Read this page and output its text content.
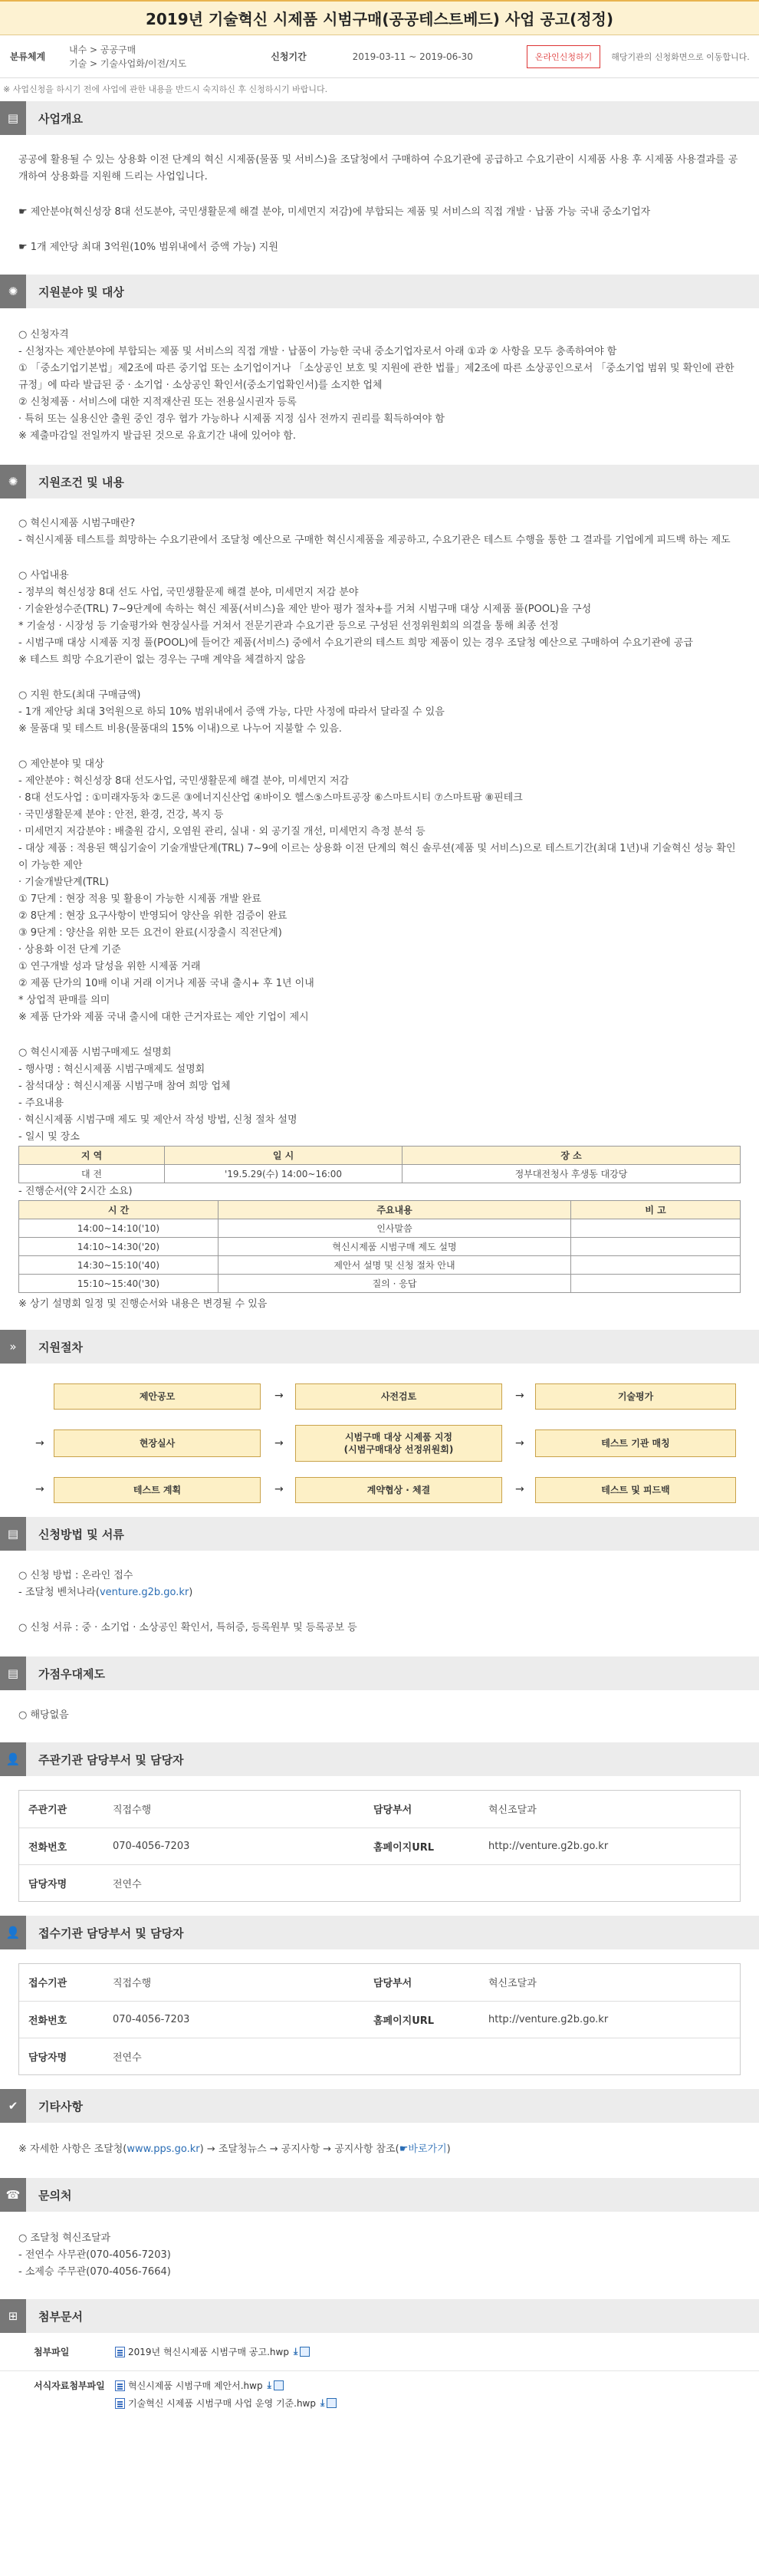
2019년 기술혁신 시제품 시범구매(공공테스트베드) 사업 공고(정정)
분류체계
내수 > 공공구매
기술 > 기술사업화/이전/지도
신청기간	2019-03-11 ~ 2019-06-30	온라인신청하기	해당기관의 신청화면으로 이동합니다.
※ 사업신청을 하시기 전에 사업에 관한 내용을 반드시 숙지하신 후 신청하시기 바랍니다.
▤	사업개요

공공에 활용될 수 있는 상용화 이전 단계의 혁신 시제품(물품 및 서비스)을 조달청에서 구매하여 수요기관에 공급하고 수요기관이 시제품 사용 후 시제품 사용결과를 공개하여 상용화를 지원해 드리는 사업입니다.

☛ 제안분야(혁신성장 8대 선도분야, 국민생활문제 해결 분야, 미세먼지 저감)에 부합되는 제품 및 서비스의 직접 개발 · 납품 가능 국내 중소기업자

☛ 1개 제안당 최대 3억원(10% 범위내에서 증액 가능) 지원

✺	지원분야 및 대상

○ 신청자격

- 신청자는 제안분야에 부합되는 제품 및 서비스의 직접 개발 · 납품이 가능한 국내 중소기업자로서 아래 ①과 ② 사항을 모두 충족하여야 함

① 「중소기업기본법」제2조에 따른 중기업 또는 소기업이거나 「소상공인 보호 및 지원에 관한 법률」제2조에 따른 소상공인으로서 「중소기업 범위 및 확인에 관한 규정」에 따라 발급된 중 · 소기업 · 소상공인 확인서(중소기업확인서)를 소지한 업체

② 신청제품 · 서비스에 대한 지적재산권 또는 전용실시권자 등록

· 특허 또는 실용신안 출원 중인 경우 협가 가능하나 시제품 지정 심사 전까지 권리를 획득하여야 함

※ 제출마감일 전일까지 발급된 것으로 유효기간 내에 있어야 함.

✺	지원조건 및 내용

○ 혁신시제품 시범구매란?

- 혁신시제품 테스트를 희망하는 수요기관에서 조달청 예산으로 구매한 혁신시제품을 제공하고, 수요기관은 테스트 수행을 통한 그 결과를 기업에게 피드백 하는 제도

○ 사업내용

- 정부의 혁신성장 8대 선도 사업, 국민생활문제 해결 분야, 미세먼지 저감 분야

· 기술완성수준(TRL) 7~9단계에 속하는 혁신 제품(서비스)을 제안 받아 평가 절차+를 거쳐 시범구매 대상 시제품 풀(POOL)을 구성

* 기술성 · 시장성 등 기술평가와 현장실사를 거쳐서 전문기관과 수요기관 등으로 구성된 선정위원회의 의결을 통해 최종 선정

- 시범구매 대상 시제품 지정 풀(POOL)에 들어간 제품(서비스) 중에서 수요기관의 테스트 희망 제품이 있는 경우 조달청 예산으로 구매하여 수요기관에 공급

※ 테스트 희망 수요기관이 없는 경우는 구매 계약을 체결하지 않음

○ 지원 한도(최대 구매금액)

- 1개 제안당 최대 3억원으로 하되 10% 범위내에서 증액 가능, 다만 사정에 따라서 달라질 수 있음

※ 물품대 및 테스트 비용(물품대의 15% 이내)으로 나누어 지불할 수 있음.

○ 제안분야 및 대상

- 제안분야 : 혁신성장 8대 선도사업, 국민생활문제 해결 분야, 미세먼지 저감

· 8대 선도사업 : ①미래자동차 ②드론 ③에너지신산업 ④바이오 헬스⑤스마트공장 ⑥스마트시티 ⑦스마트팜 ⑧핀테크

· 국민생활문제 분야 : 안전, 환경, 건강, 복지 등

· 미세먼지 저감분야 : 배출원 감시, 오염원 관리, 실내 · 외 공기질 개선, 미세먼지 측정 분석 등

- 대상 제품 : 적용된 핵심기술이 기술개발단계(TRL) 7~9에 이르는 상용화 이전 단계의 혁신 솔루션(제품 및 서비스)으로 테스트기간(최대 1년)내 기술혁신 성능 확인이 가능한 제안

· 기술개발단계(TRL)

① 7단계 : 현장 적용 및 활용이 가능한 시제품 개발 완료

② 8단계 : 현장 요구사항이 반영되어 양산을 위한 검증이 완료

③ 9단계 : 양산을 위한 모든 요건이 완료(시장출시 직전단계)

· 상용화 이전 단계 기준

① 연구개발 성과 달성을 위한 시제품 거래

② 제품 단가의 10배 이내 거래 이거나 제품 국내 출시+ 후 1년 이내

* 상업적 판매를 의미

※ 제품 단가와 제품 국내 출시에 대한 근거자료는 제안 기업이 제시

○ 혁신시제품 시범구매제도 설명회

- 행사명 : 혁신시제품 시범구매제도 설명회

- 참석대상 : 혁신시제품 시범구매 참여 희망 업체

- 주요내용

· 혁신시제품 시범구매 제도 및 제안서 작성 방법, 신청 절차 설명

- 일시 및 장소

지 역	일 시	장 소
대 전	'19.5.29(수) 14:00~16:00	정부대전청사 후생동 대강당

- 진행순서(약 2시간 소요)

시 간	주요내용	비 고
14:00~14:10('10)	인사말씀	
14:10~14:30('20)	혁신시제품 시범구매 제도 설명	
14:30~15:10('40)	제안서 설명 및 신청 절차 안내	
15:10~15:40('30)	질의 · 응답	

※ 상기 설명회 일정 및 진행순서와 내용은 변경될 수 있음

»	지원절차
제안공모	→	사전검토	→	기술평가
→	현장실사	→	시범구매 대상 시제품 지정
(시범구매대상 선정위원회)	→	테스트 기관 매칭
→	테스트 계획	→	계약협상 · 체결	→	테스트 및 피드백
▤	신청방법 및 서류

○ 신청 방법 : 온라인 접수

- 조달청 벤처나라(venture.g2b.go.kr)

○ 신청 서류 : 중 · 소기업 · 소상공인 확인서, 특허증, 등록원부 및 등록공보 등

▤	가점우대제도

○ 해당없음

👤	주관기관 담당부서 및 담당자
주관기관	직접수행	담당부서	혁신조달과
전화번호	070-4056-7203	홈페이지URL	http://venture.g2b.go.kr
담당자명	전연수		
👤	접수기관 담당부서 및 담당자
접수기관	직접수행	담당부서	혁신조달과
전화번호	070-4056-7203	홈페이지URL	http://venture.g2b.go.kr
담당자명	전연수		
✔	기타사항

※ 자세한 사항은 조달청(www.pps.go.kr) → 조달청뉴스 → 공지사항 → 공지사항 참조(☛바로가기)

☎	문의처

○ 조달청 혁신조달과

- 전연수 사무관(070-4056-7203)

- 소제승 주무관(070-4056-7664)

⊞	첨부문서
첨부파일	2019년 혁신시제품 시범구매 공고.hwp ⤓
서식자료첨부파일	혁신시제품 시범구매 제안서.hwp ⤓
기술혁신 시제품 시범구매 사업 운영 기준.hwp ⤓
